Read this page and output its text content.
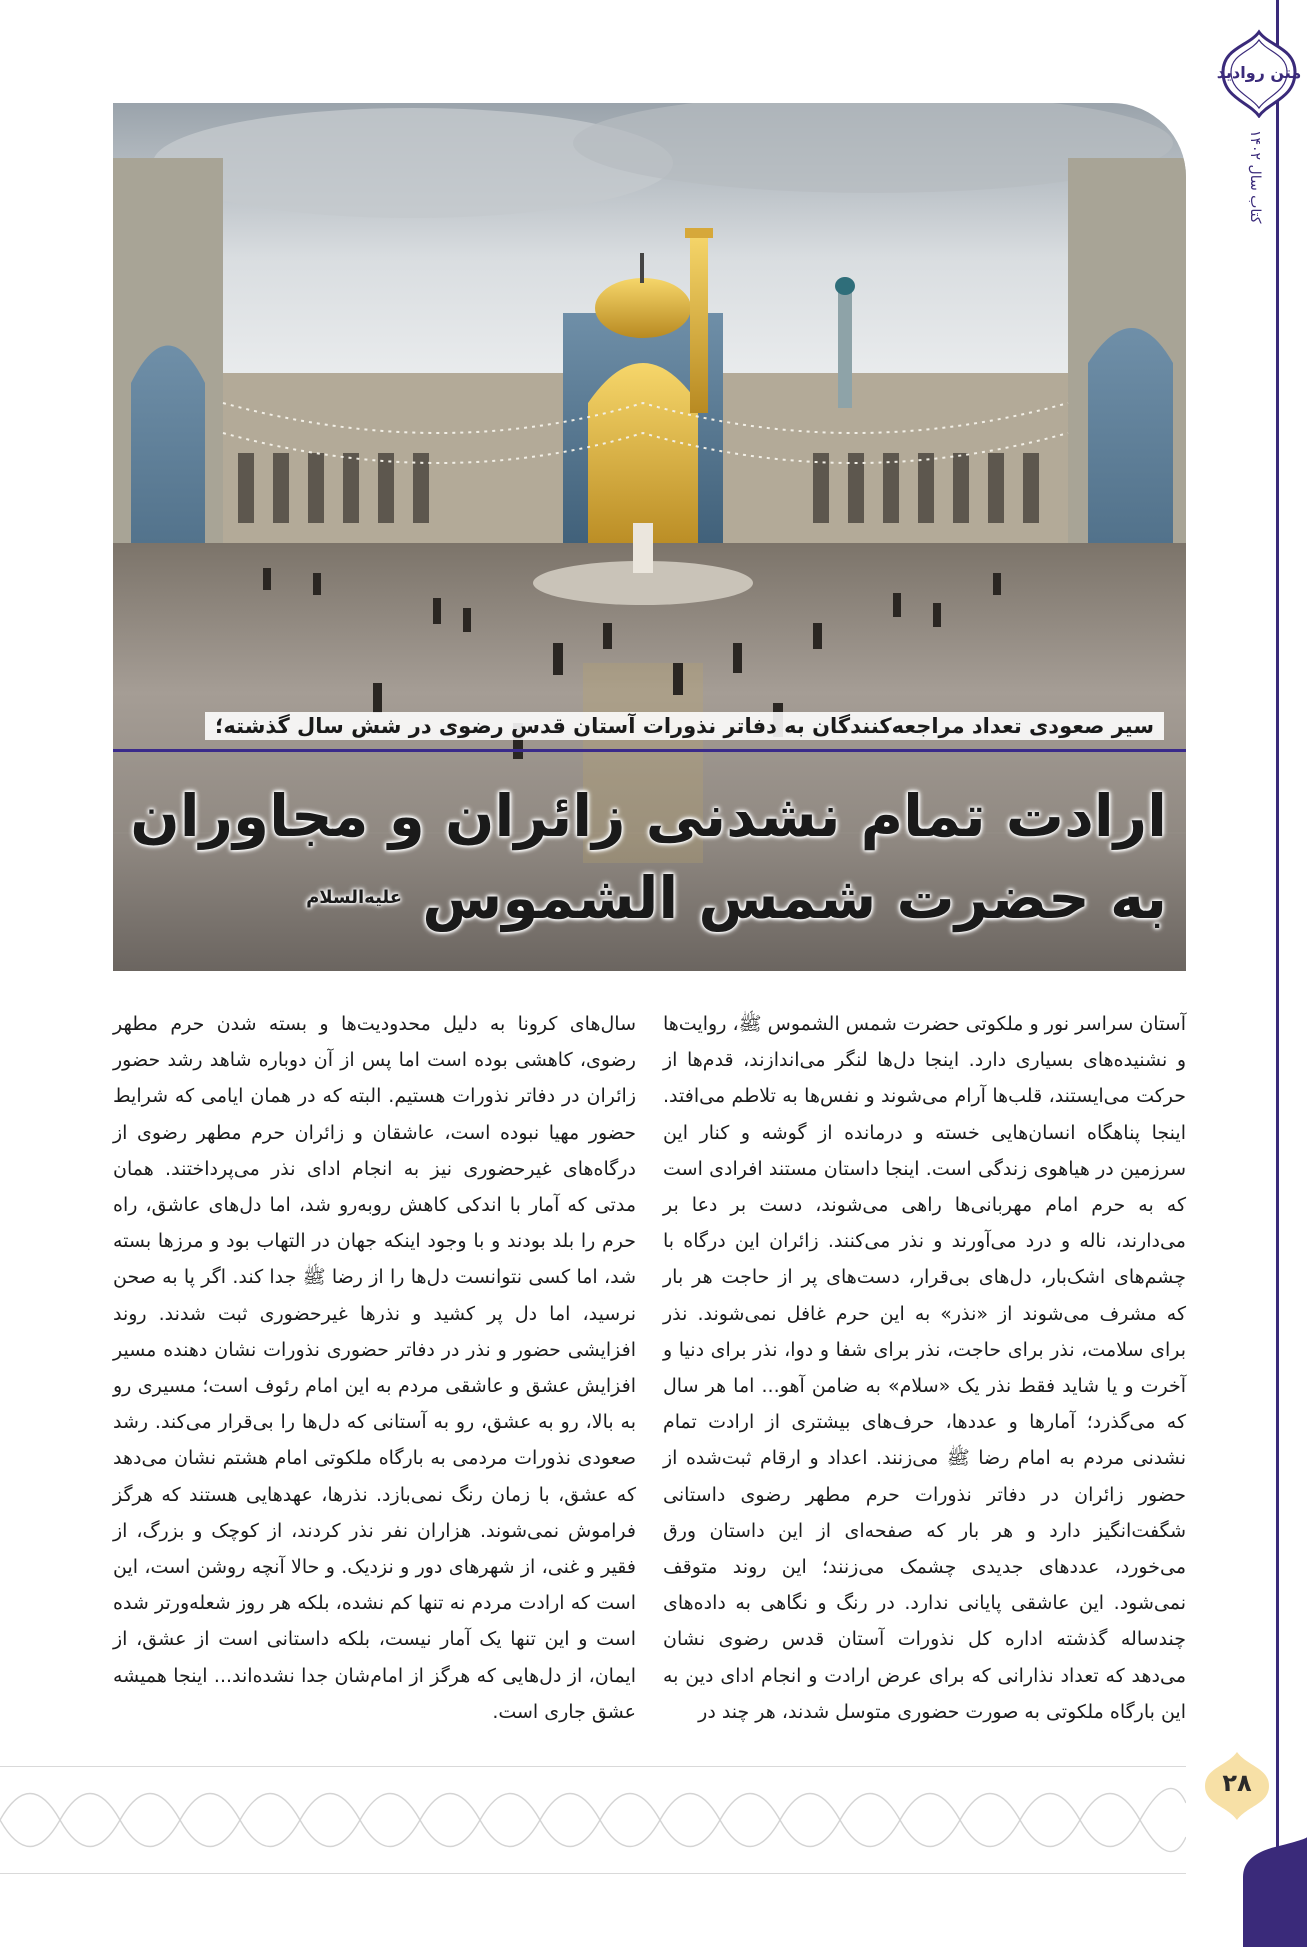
متن روادید
کتاب سال ۱۴۰۲
سیر صعودی تعداد مراجعه‌کنندگان به دفاتر نذورات آستان قدس رضوی در شش سال گذشته؛
ارادت تمام نشدنی زائران و مجاوران
به حضرت شمس الشموس $^{علیه‌السلام}$

آستان سراسر نور و ملکوتی حضرت شمس الشموس ﷺ، روایت‌ها و نشنیده‌های بسیاری دارد. اینجا دل‌ها لنگر می‌اندازند، قدم‌ها از حرکت می‌ایستند، قلب‌ها آرام می‌شوند و نفس‌ها به تلاطم می‌افتد. اینجا پناهگاه انسان‌هایی خسته و درمانده از گوشه و کنار این سرزمین در هیاهوی زندگی است. اینجا داستان مستند افرادی است که به حرم امام مهربانی‌ها راهی می‌شوند، دست بر دعا بر می‌دارند، ناله و درد می‌آورند و نذر می‌کنند. زائران این درگاه با چشم‌های اشک‌بار، دل‌های بی‌قرار، دست‌های پر از حاجت هر بار که مشرف می‌شوند از «نذر» به این حرم غافل نمی‌شوند. نذر برای سلامت، نذر برای حاجت، نذر برای شفا و دوا، نذر برای دنیا و آخرت و یا شاید فقط نذر یک «سلام» به ضامن آهو... اما هر سال که می‌گذرد؛ آمارها و عددها، حرف‌های بیشتری از ارادت تمام نشدنی مردم به امام رضا ﷺ می‌زنند. اعداد و ارقام ثبت‌شده از حضور زائران در دفاتر نذورات حرم مطهر رضوی داستانی شگفت‌انگیز دارد و هر بار که صفحه‌ای از این داستان ورق می‌خورد، عددهای جدیدی چشمک می‌زنند؛ این روند متوقف نمی‌شود. این عاشقی پایانی ندارد. در رنگ و نگاهی به داده‌های چندساله گذشته اداره کل نذورات آستان قدس رضوی نشان می‌دهد که تعداد نذارانی که برای عرض ارادت و انجام ادای دین به این بارگاه ملکوتی به صورت حضوری متوسل شدند، هر چند در

سال‌های کرونا به دلیل محدودیت‌ها و بسته شدن حرم مطهر رضوی، کاهشی بوده است اما پس از آن دوباره شاهد رشد حضور زائران در دفاتر نذورات هستیم. البته که در همان ایامی که شرایط حضور مهیا نبوده است، عاشقان و زائران حرم مطهر رضوی از درگاه‌های غیرحضوری نیز به انجام ادای نذر می‌پرداختند. همان مدتی که آمار با اندکی کاهش روبه‌رو شد، اما دل‌های عاشق، راه حرم را بلد بودند و با وجود اینکه جهان در التهاب بود و مرزها بسته شد، اما کسی نتوانست دل‌ها را از رضا ﷺ جدا کند. اگر پا به صحن نرسید، اما دل پر کشید و نذرها غیرحضوری ثبت شدند. روند افزایشی حضور و نذر در دفاتر حضوری نذورات نشان دهنده مسیر افزایش عشق و عاشقی مردم به این امام رئوف است؛ مسیری رو به بالا، رو به عشق، رو به آستانی که دل‌ها را بی‌قرار می‌کند. رشد صعودی نذورات مردمی به بارگاه ملکوتی امام هشتم نشان می‌دهد که عشق، با زمان رنگ نمی‌بازد. نذرها، عهدهایی هستند که هرگز فراموش نمی‌شوند. هزاران نفر نذر کردند، از کوچک و بزرگ، از فقیر و غنی، از شهرهای دور و نزدیک. و حالا آنچه روشن است، این است که ارادت مردم نه تنها کم نشده، بلکه هر روز شعله‌ورتر شده است و این تنها یک آمار نیست، بلکه داستانی است از عشق، از ایمان، از دل‌هایی که هرگز از امام‌شان جدا نشده‌اند... اینجا همیشه عشق جاری است.

۲۸
